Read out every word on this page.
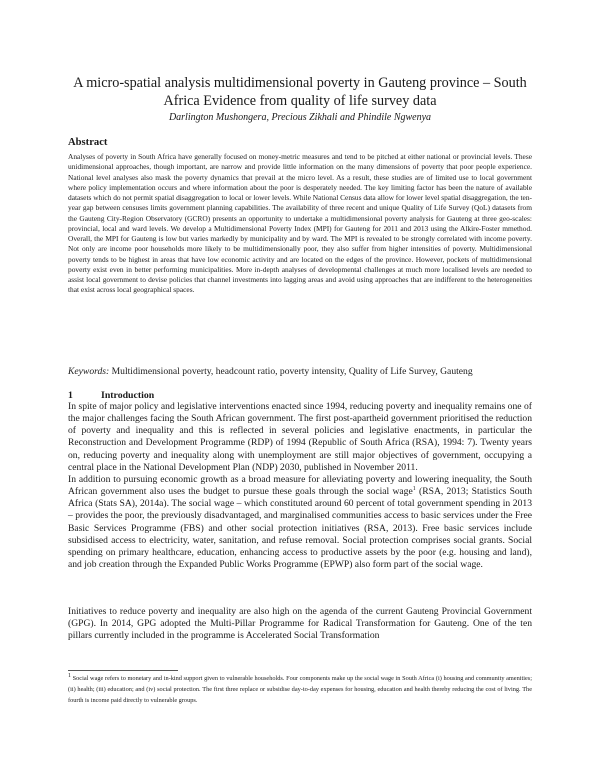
A micro-spatial analysis multidimensional poverty in Gauteng province – South Africa Evidence from quality of life survey data
Darlington Mushongera, Precious Zikhali and Phindile Ngwenya
Abstract
Analyses of poverty in South Africa have generally focused on money-metric measures and tend to be pitched at either national or provincial levels. These unidimensional approaches, though important, are narrow and provide little information on the many dimensions of poverty that poor people experience. National level analyses also mask the poverty dynamics that prevail at the micro level. As a result, these studies are of limited use to local government where policy implementation occurs and where information about the poor is desperately needed. The key limiting factor has been the nature of available datasets which do not permit spatial disaggregation to local or lower levels. While National Census data allow for lower level spatial disaggregation, the ten-year gap between censuses limits government planning capabilities. The availability of three recent and unique Quality of Life Survey (QoL) datasets from the Gauteng City-Region Observatory (GCRO) presents an opportunity to undertake a multidimensional poverty analysis for Gauteng at three geo-scales: provincial, local and ward levels. We develop a Multidimensional Poverty Index (MPI) for Gauteng for 2011 and 2013 using the Alkire-Foster mmethod. Overall, the MPI for Gauteng is low but varies markedly by municipality and by ward. The MPI is revealed to be strongly correlated with income poverty. Not only are income poor households more likely to be multidimensionally poor, they also suffer from higher intensities of poverty. Multidimensional poverty tends to be highest in areas that have low economic activity and are located on the edges of the province. However, pockets of multidimensional poverty exist even in better performing municipalities. More in-depth analyses of developmental challenges at much more localised levels are needed to assist local government to devise policies that channel investments into lagging areas and avoid using approaches that are indifferent to the heterogeneities that exist across local geographical spaces.
Keywords: Multidimensional poverty, headcount ratio, poverty intensity, Quality of Life Survey, Gauteng
1	Introduction

In spite of major policy and legislative interventions enacted since 1994, reducing poverty and inequality remains one of the major challenges facing the South African government. The first post-apartheid government prioritised the reduction of poverty and inequality and this is reflected in several policies and legislative enactments, in particular the Reconstruction and Development Programme (RDP) of 1994 (Republic of South Africa (RSA), 1994: 7). Twenty years on, reducing poverty and inequality along with unemployment are still major objectives of government, occupying a central place in the National Development Plan (NDP) 2030, published in November 2011.

In addition to pursuing economic growth as a broad measure for alleviating poverty and lowering inequality, the South African government also uses the budget to pursue these goals through the social wage$^1$ (RSA, 2013; Statistics South Africa (Stats SA), 2014a). The social wage – which constituted around 60 percent of total government spending in 2013 – provides the poor, the previously disadvantaged, and marginalised communities access to basic services under the Free Basic Services Programme (FBS) and other social protection initiatives (RSA, 2013). Free basic services include subsidised access to electricity, water, sanitation, and refuse removal. Social protection comprises social grants. Social spending on primary healthcare, education, enhancing access to productive assets by the poor (e.g. housing and land), and job creation through the Expanded Public Works Programme (EPWP) also form part of the social wage.

Initiatives to reduce poverty and inequality are also high on the agenda of the current Gauteng Provincial Government (GPG). In 2014, GPG adopted the Multi-Pillar Programme for Radical Transformation for Gauteng. One of the ten pillars currently included in the programme is Accelerated Social Transformation

$^1$ Social wage refers to monetary and in-kind support given to vulnerable households. Four components make up the social wage in South Africa (i) housing and community amenities; (ii) health; (iii) education; and (iv) social protection. The first three replace or subsidise day-to-day expenses for housing, education and health thereby reducing the cost of living. The fourth is income paid directly to vulnerable groups.
